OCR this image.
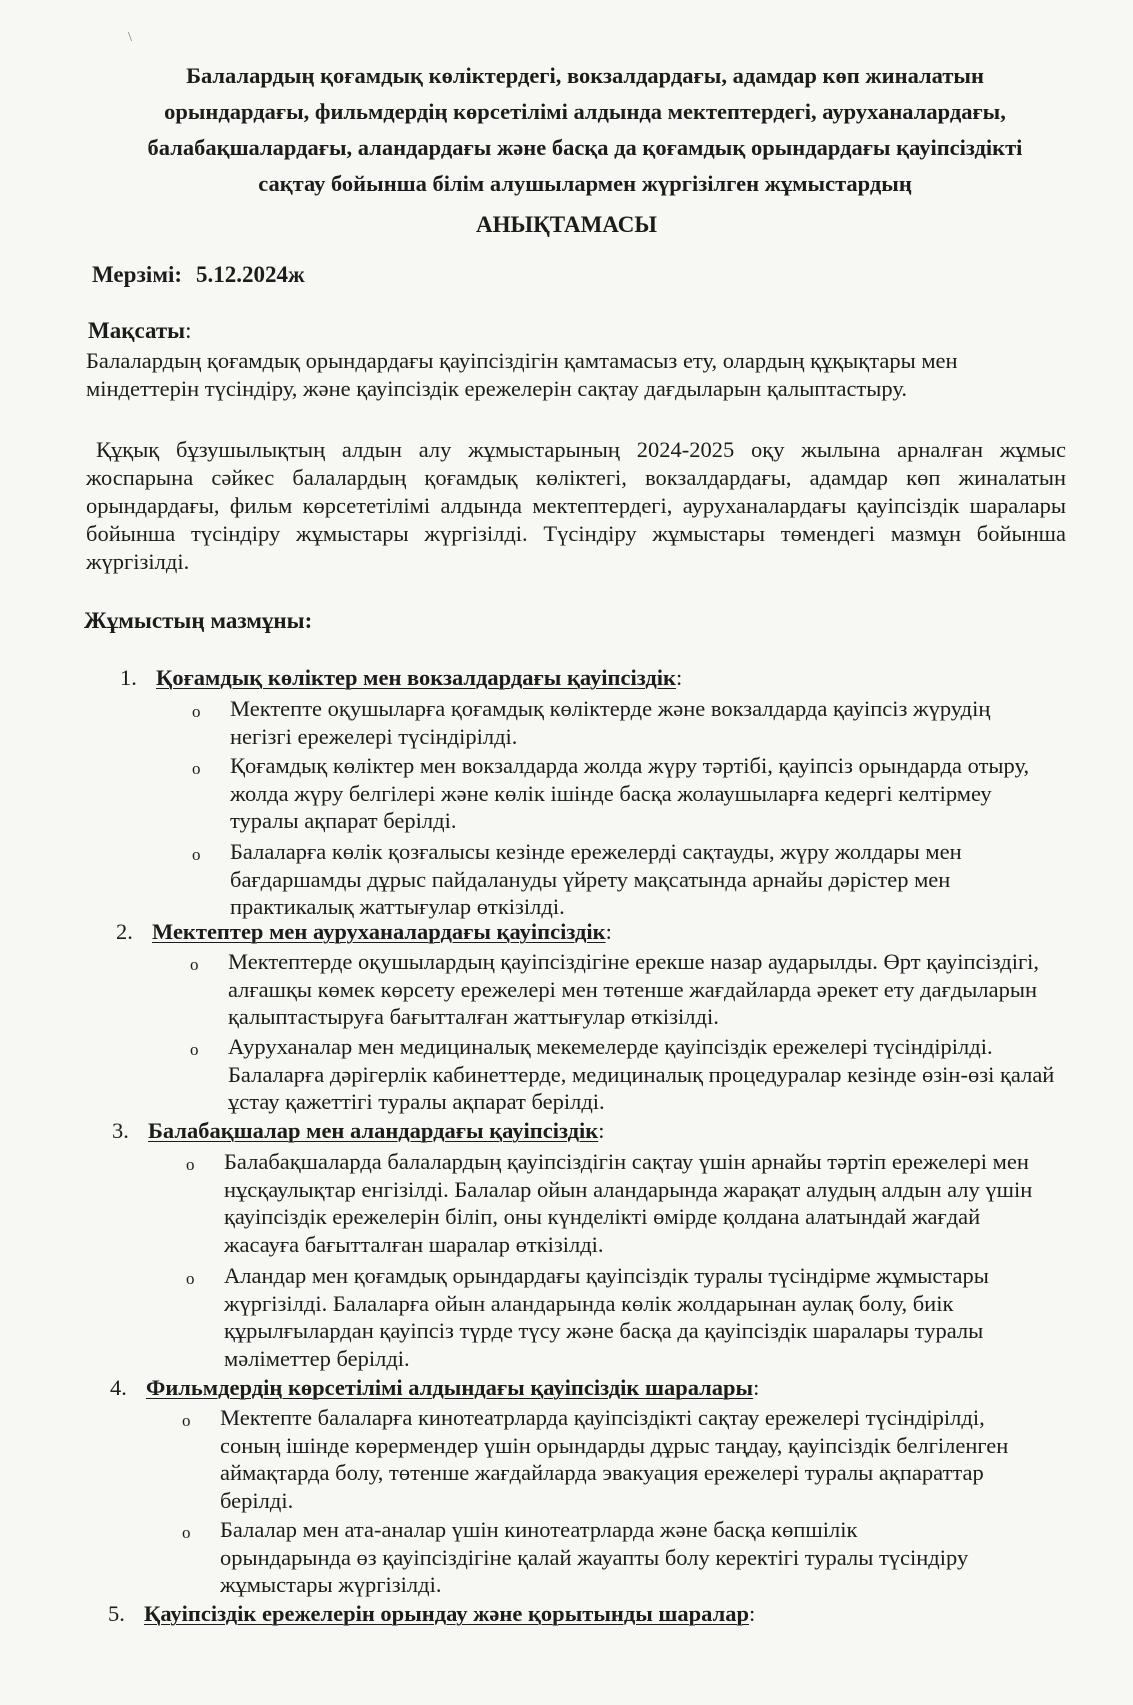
\
Балалардың қоғамдық көліктердегі, вокзалдардағы, адамдар көп жиналатын
орындардағы, фильмдердің көрсетілімі алдында мектептердегі, ауруханалардағы,
балабақшалардағы, аландардағы және басқа да қоғамдық орындардағы қауіпсіздікті
сақтау бойынша білім алушылармен жүргізілген жұмыстардың
АНЫҚТАМАСЫ
Мерзімі: 5.12.2024ж
Мақсаты:

Балалардың қоғамдық орындардағы қауіпсіздігін қамтамасыз ету, олардың құқықтары мен міндеттерін түсіндіру, және қауіпсіздік ережелерін сақтау дағдыларын қалыптастыру.

Құқық бұзушылықтың алдын алу жұмыстарының 2024-2025 оқу жылына арналған жұмыс жоспарына сәйкес балалардың қоғамдық көліктегі, вокзалдардағы, адамдар көп жиналатын орындардағы, фильм көрсететілімі алдында мектептердегі, ауруханалардағы қауіпсіздік шаралары бойынша түсіндіру жұмыстары жүргізілді. Түсіндіру жұмыстары төмендегі мазмұн бойынша жүргізілді.

Жұмыстың мазмұны:
1. Қоғамдық көліктер мен вокзалдардағы қауіпсіздік:
o Мектепте оқушыларға қоғамдық көліктерде және вокзалдарда қауіпсіз жүрудің негізгі ережелері түсіндірілді.
o Қоғамдық көліктер мен вокзалдарда жолда жүру тәртібі, қауіпсіз орындарда отыру, жолда жүру белгілері және көлік ішінде басқа жолаушыларға кедергі келтірмеу туралы ақпарат берілді.
o Балаларға көлік қозғалысы кезінде ережелерді сақтауды, жүру жолдары мен бағдаршамды дұрыс пайдалануды үйрету мақсатында арнайы дәрістер мен практикалық жаттығулар өткізілді.
2. Мектептер мен ауруханалардағы қауіпсіздік:
o Мектептерде оқушылардың қауіпсіздігіне ерекше назар аударылды. Өрт қауіпсіздігі, алғашқы көмек көрсету ережелері мен төтенше жағдайларда әрекет ету дағдыларын қалыптастыруға бағытталған жаттығулар өткізілді.
o Ауруханалар мен медициналық мекемелерде қауіпсіздік ережелері түсіндірілді. Балаларға дәрігерлік кабинеттерде, медициналық процедуралар кезінде өзін-өзі қалай ұстау қажеттігі туралы ақпарат берілді.
3. Балабақшалар мен аландардағы қауіпсіздік:
o Балабақшаларда балалардың қауіпсіздігін сақтау үшін арнайы тәртіп ережелері мен нұсқаулықтар енгізілді. Балалар ойын аландарында жарақат алудың алдын алу үшін қауіпсіздік ережелерін біліп, оны күнделікті өмірде қолдана алатындай жағдай жасауға бағытталған шаралар өткізілді.
o Аландар мен қоғамдық орындардағы қауіпсіздік туралы түсіндірме жұмыстары жүргізілді. Балаларға ойын аландарында көлік жолдарынан аулақ болу, биік құрылғылардан қауіпсіз түрде түсу және басқа да қауіпсіздік шаралары туралы мәліметтер берілді.
4. Фильмдердің көрсетілімі алдындағы қауіпсіздік шаралары:
o Мектепте балаларға кинотеатрларда қауіпсіздікті сақтау ережелері түсіндірілді, соның ішінде көрермендер үшін орындарды дұрыс таңдау, қауіпсіздік белгіленген аймақтарда болу, төтенше жағдайларда эвакуация ережелері туралы ақпараттар берілді.
o Балалар мен ата-аналар үшін кинотеатрларда және басқа көпшілік орындарында өз қауіпсіздігіне қалай жауапты болу керектігі туралы түсіндіру жұмыстары жүргізілді.
5. Қауіпсіздік ережелерін орындау және қорытынды шаралар:
